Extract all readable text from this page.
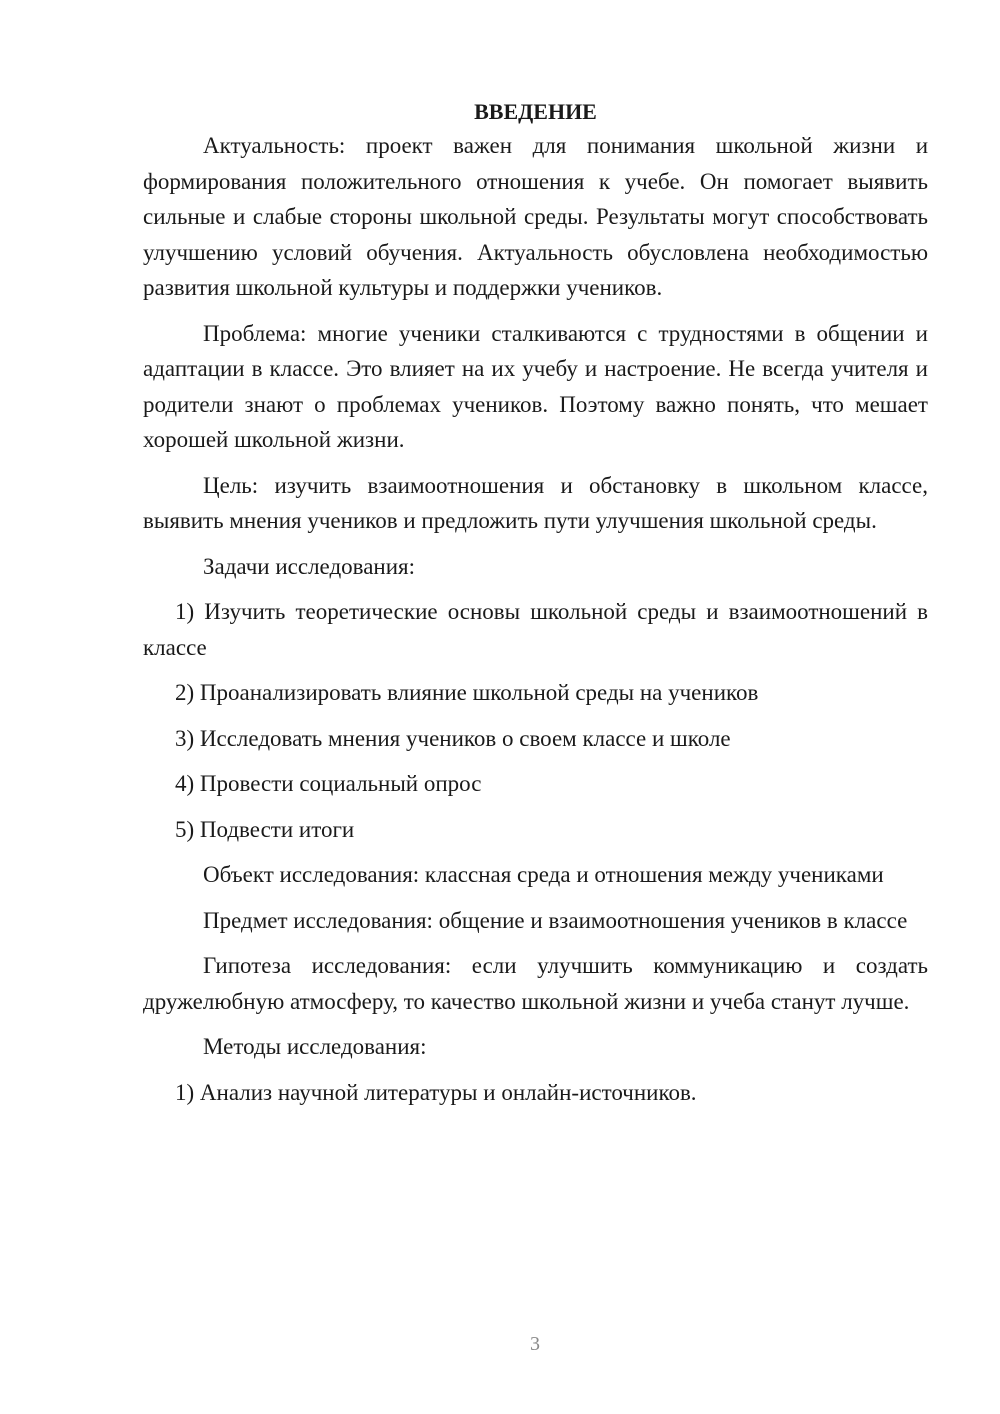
ВВЕДЕНИЕ

Актуальность: проект важен для понимания школьной жизни и формирования положительного отношения к учебе. Он помогает выявить сильные и слабые стороны школьной среды. Результаты могут способствовать улучшению условий обучения. Актуальность обусловлена необходимостью развития школьной культуры и поддержки учеников.

Проблема: многие ученики сталкиваются с трудностями в общении и адаптации в классе. Это влияет на их учебу и настроение. Не всегда учителя и родители знают о проблемах учеников. Поэтому важно понять, что мешает хорошей школьной жизни.

Цель: изучить взаимоотношения и обстановку в школьном классе, выявить мнения учеников и предложить пути улучшения школьной среды.

Задачи исследования:

1) Изучить теоретические основы школьной среды и взаимоотношений в классе

2) Проанализировать влияние школьной среды на учеников

3) Исследовать мнения учеников о своем классе и школе

4) Провести социальный опрос

5) Подвести итоги

Объект исследования: классная среда и отношения между учениками

Предмет исследования: общение и взаимоотношения учеников в классе

Гипотеза исследования: если улучшить коммуникацию и создать дружелюбную атмосферу, то качество школьной жизни и учеба станут лучше.

Методы исследования:

1) Анализ научной литературы и онлайн-источников.

3
